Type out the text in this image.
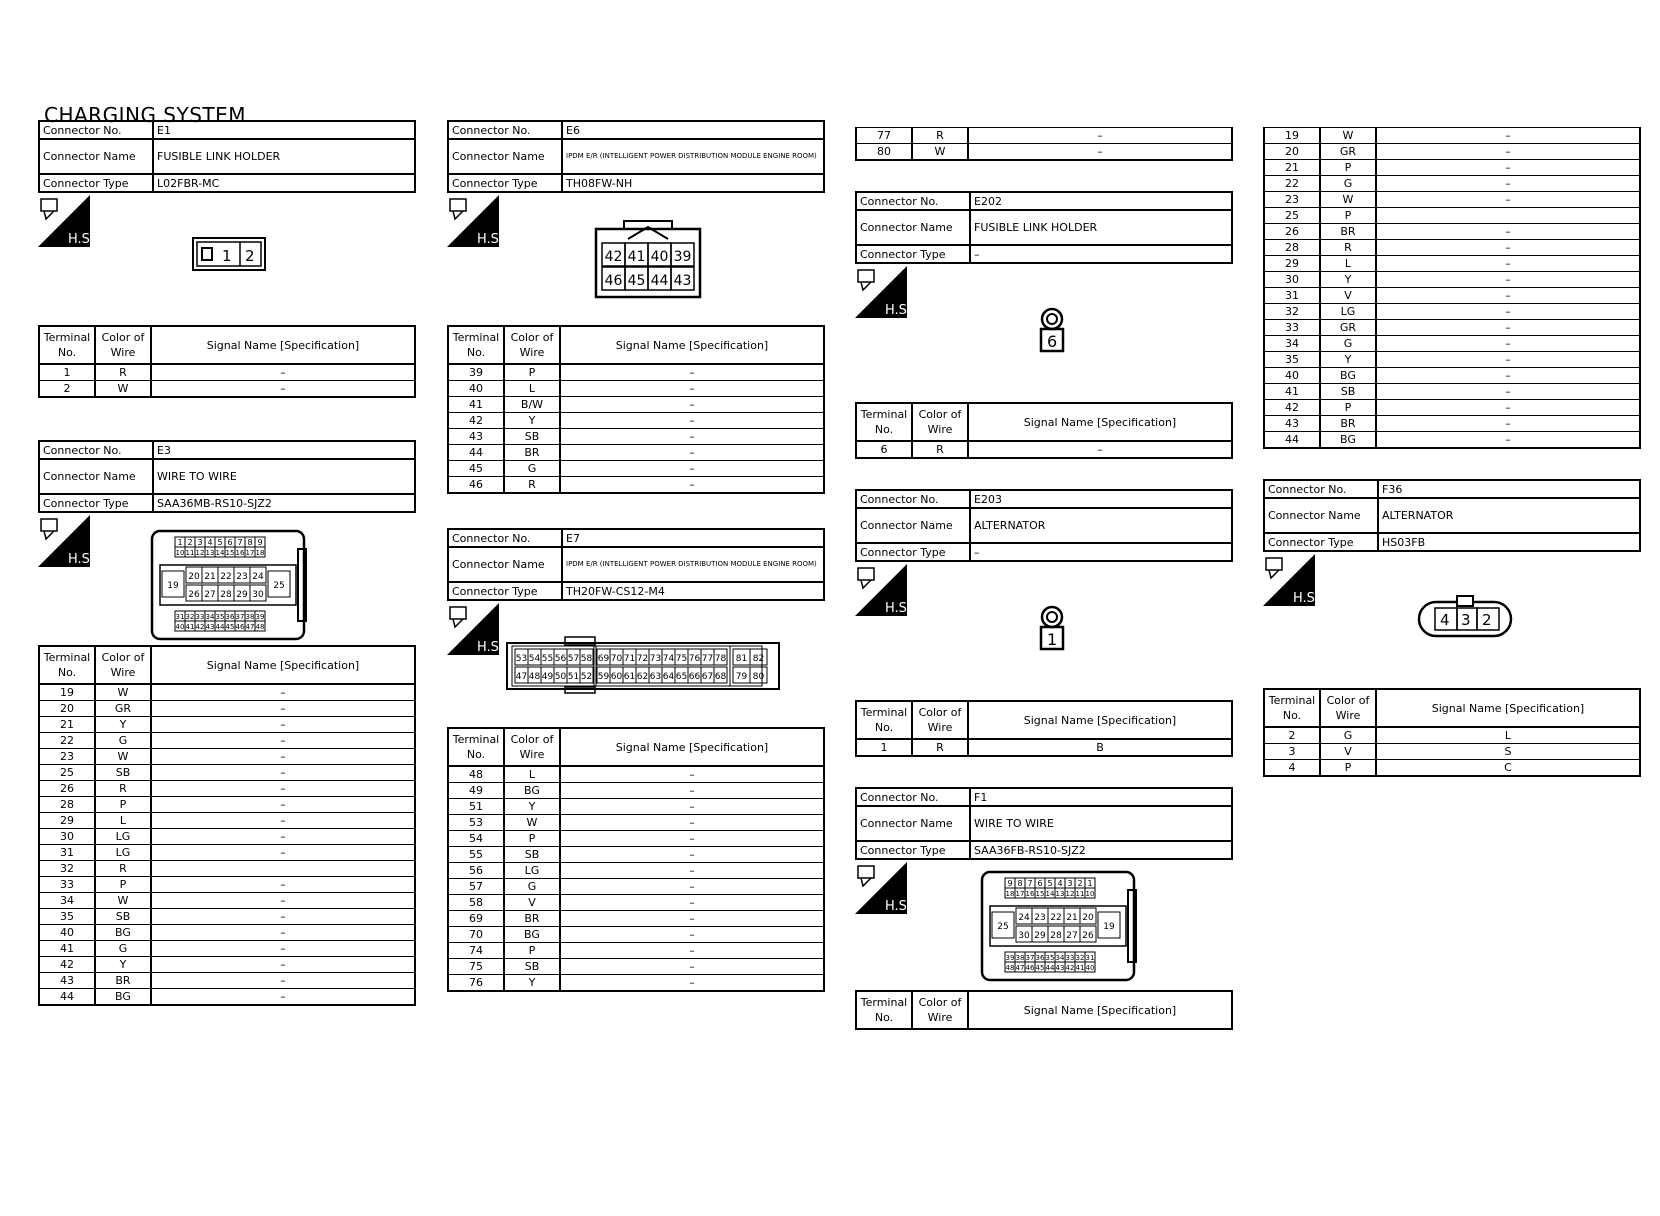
CHARGING SYSTEM
Connector No.	E1
Connector Name	FUSIBLE LINK HOLDER
Connector Type	L02FBR-MC
H.S.
1 2
Terminal No.	Color of Wire	Signal Name [Specification]
1	R	–
2	W	–
Connector No.	E3
Connector Name	WIRE TO WIRE
Connector Type	SAA36MB-RS10-SJZ2
H.S.
1
10
2
11
3
12
4
13
5
14
6
15
7
16
8
17
9
18
19	25
20
26
21
27
22
28
23
29
24
30
31
40
32
41
33
42
34
43
35
44
36
45
37
46
38
47
39
48
Terminal No.	Color of Wire	Signal Name [Specification]
19	W	–
20	GR	–
21	Y	–
22	G	–
23	W	–
25	SB	–
26	R	–
28	P	–
29	L	–
30	LG	–
31	LG	–
32	R	
33	P	–
34	W	–
35	SB	–
40	BG	–
41	G	–
42	Y	–
43	BR	–
44	BG	–
Connector No.	E6
Connector Name	IPDM E/R (INTELLIGENT POWER DISTRIBUTION MODULE ENGINE ROOM)
Connector Type	TH08FW-NH
H.S.
42
46
41
45
40
44
39
43
Terminal No.	Color of Wire	Signal Name [Specification]
39	P	–
40	L	–
41	B/W	–
42	Y	–
43	SB	–
44	BR	–
45	G	–
46	R	–
Connector No.	E7
Connector Name	IPDM E/R (INTELLIGENT POWER DISTRIBUTION MODULE ENGINE ROOM)
Connector Type	TH20FW-CS12-M4
H.S.
53
47
54
48
55
49
56
50
57
51
58
52
69
59
70
60
71
61
72
62
73
63
74
64
75
65
76
66
77
67
78
68
81
79
82
80
Terminal No.	Color of Wire	Signal Name [Specification]
48	L	–
49	BG	–
51	Y	–
53	W	–
54	P	–
55	SB	–
56	LG	–
57	G	–
58	V	–
69	BR	–
70	BG	–
74	P	–
75	SB	–
76	Y	–
77	R	–
80	W	–
Connector No.	E202
Connector Name	FUSIBLE LINK HOLDER
Connector Type	–
H.S.
6
Terminal No.	Color of Wire	Signal Name [Specification]
6	R	–
Connector No.	E203
Connector Name	ALTERNATOR
Connector Type	–
H.S.
1
Terminal No.	Color of Wire	Signal Name [Specification]
1	R	B
Connector No.	F1
Connector Name	WIRE TO WIRE
Connector Type	SAA36FB-RS10-SJZ2
H.S.
9
18
8
17
7
16
6
15
5
14
4
13
3
12
2
11
1
10
25	19
24
30
23
29
22
28
21
27
20
26
39
48
38
47
37
46
36
45
35
44
34
43
33
42
32
41
31
40
Terminal No.	Color of Wire	Signal Name [Specification]
19	W	–
20	GR	–
21	P	–
22	G	–
23	W	–
25	P	
26	BR	–
28	R	–
29	L	–
30	Y	–
31	V	–
32	LG	–
33	GR	–
34	G	–
35	Y	–
40	BG	–
41	SB	–
42	P	–
43	BR	–
44	BG	–
Connector No.	F36
Connector Name	ALTERNATOR
Connector Type	HS03FB
H.S.
4 3 2
Terminal No.	Color of Wire	Signal Name [Specification]
2	G	L
3	V	S
4	P	C
